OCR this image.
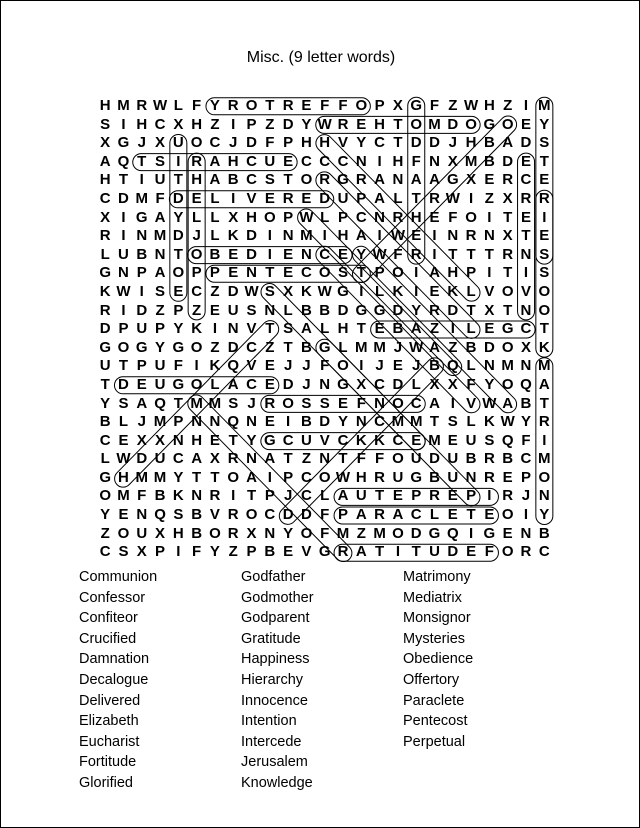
Misc. (9 letter words)
H M R W L F Y R O T R E F F O P X G F Z W H Z I M
S I H C X H Z I P Z D Y W R E H T O M D O G O E Y
X G J X U O C J D F P H H V Y C T D D J H B A D S
A Q T S I R A H C U E C C C N I H F N X M B D E T
H T I U T H A B C S T O R G R A N A A G X E R C E
C D M F D E L I V E R E D U P A L T R W I Z X R R
X I G A Y L L X H O P W L P C N R H E F O I T E I
R I N M D J L K D I N M I H A I W E I N R N X T E
L U B N T O B E D I E N C E Y W F R I T T T R N S
G N P A O P P E N T E C O S T P O I A H P I T I S
K W I S E C Z D W S X K W G I L K I E K L V O V O
R I D Z P Z E U S N L B B D G G D Y R D T X T N O
D P U P Y K I N V T S A L H T E B A Z I L E G C T
G O G Y G O Z D C Z T B G L M M J W A Z B D O X K
U T P U F I K Q V E J J F O I J E J B Q L N M N M
T D E U G O L A C E D J N G X C D L X X F Y O Q A
Y S A Q T M M S J R O S S E F N O C A I V W A B T
B L J M P N N Q N E I B D Y N C M M T S L K W Y R
C E X X N H E T Y G C U V C K K C E M E U S Q F I
L W D U C A X R N A T Z N T F F O U D U B R B C M
G H M M Y T T O A I P C O W H R U G B U N R E P O
O M F B K N R I T P J C L A U T E P R E P I R J N
Y E N Q S B V R O C D D F P A R A C L E T E O I Y
Z O U X H B O R X N Y O F M Z M O D G Q I G E N B
C S X P I F Y Z P B E V G R A T I T U D E F O R C
Communion
Confessor
Confiteor
Crucified
Damnation
Decalogue
Delivered
Elizabeth
Eucharist
Fortitude
Glorified
Godfather
Godmother
Godparent
Gratitude
Happiness
Hierarchy
Innocence
Intention
Intercede
Jerusalem
Knowledge
Matrimony
Mediatrix
Monsignor
Mysteries
Obedience
Offertory
Paraclete
Pentecost
Perpetual
